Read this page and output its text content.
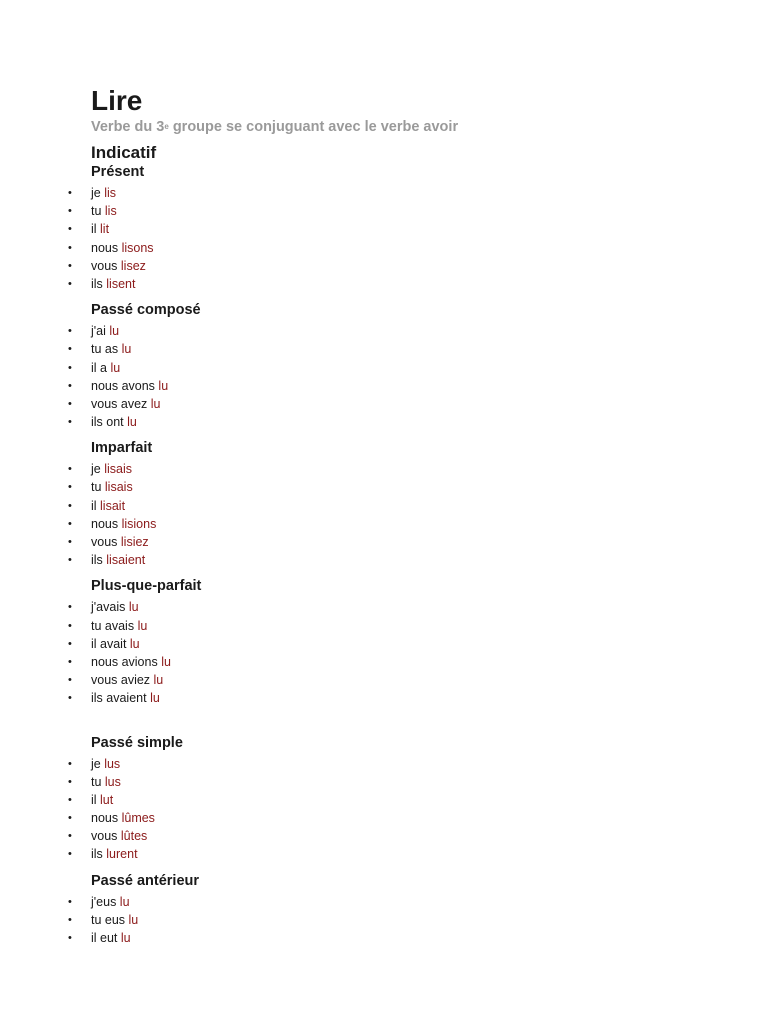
Lire

Verbe du 3e groupe se conjuguant avec le verbe avoir

Indicatif
Présent
• je lis
• tu lis
• il lit
• nous lisons
• vous lisez
• ils lisent
Passé composé
• j'ai lu
• tu as lu
• il a lu
• nous avons lu
• vous avez lu
• ils ont lu
Imparfait
• je lisais
• tu lisais
• il lisait
• nous lisions
• vous lisiez
• ils lisaient
Plus-que-parfait
• j'avais lu
• tu avais lu
• il avait lu
• nous avions lu
• vous aviez lu
• ils avaient lu
Passé simple
• je lus
• tu lus
• il lut
• nous lûmes
• vous lûtes
• ils lurent
Passé antérieur
• j'eus lu
• tu eus lu
• il eut lu
